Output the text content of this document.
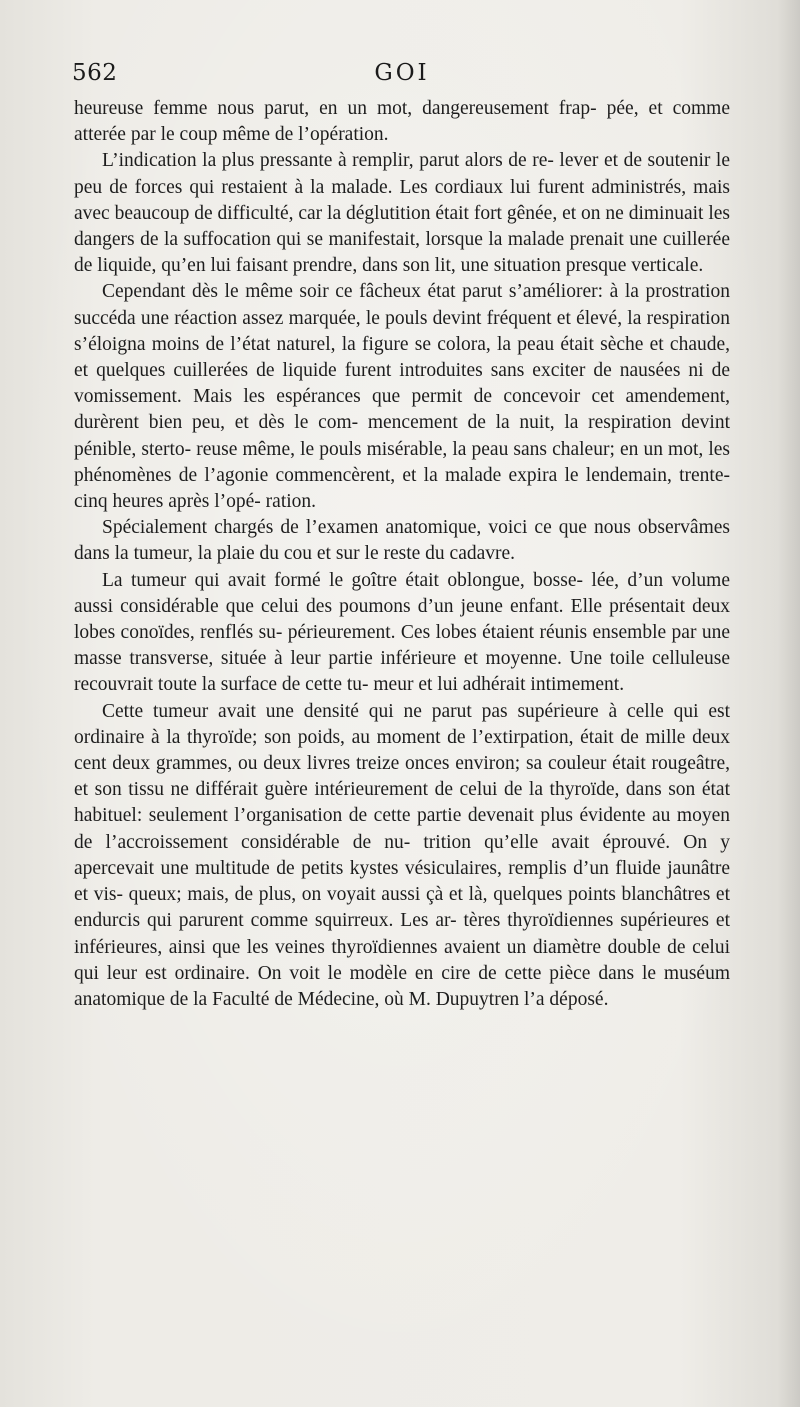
562	GOI

heureuse femme nous parut, en un mot, dangereusement frap- pée, et comme atterée par le coup même de l’opération.

L’indication la plus pressante à remplir, parut alors de re- lever et de soutenir le peu de forces qui restaient à la malade. Les cordiaux lui furent administrés, mais avec beaucoup de difficulté, car la déglutition était fort gênée, et on ne diminuait les dangers de la suffocation qui se manifestait, lorsque la malade prenait une cuillerée de liquide, qu’en lui faisant prendre, dans son lit, une situation presque verticale.

Cependant dès le même soir ce fâcheux état parut s’améliorer: à la prostration succéda une réaction assez marquée, le pouls devint fréquent et élevé, la respiration s’éloigna moins de l’état naturel, la figure se colora, la peau était sèche et chaude, et quelques cuillerées de liquide furent introduites sans exciter de nausées ni de vomissement. Mais les espérances que permit de concevoir cet amendement, durèrent bien peu, et dès le com- mencement de la nuit, la respiration devint pénible, sterto- reuse même, le pouls misérable, la peau sans chaleur; en un mot, les phénomènes de l’agonie commencèrent, et la malade expira le lendemain, trente-cinq heures après l’opé- ration.

Spécialement chargés de l’examen anatomique, voici ce que nous observâmes dans la tumeur, la plaie du cou et sur le reste du cadavre.

La tumeur qui avait formé le goître était oblongue, bosse- lée, d’un volume aussi considérable que celui des poumons d’un jeune enfant. Elle présentait deux lobes conoïdes, renflés su- périeurement. Ces lobes étaient réunis ensemble par une masse transverse, située à leur partie inférieure et moyenne. Une toile celluleuse recouvrait toute la surface de cette tu- meur et lui adhérait intimement.

Cette tumeur avait une densité qui ne parut pas supérieure à celle qui est ordinaire à la thyroïde; son poids, au moment de l’extirpation, était de mille deux cent deux grammes, ou deux livres treize onces environ; sa couleur était rougeâtre, et son tissu ne différait guère intérieurement de celui de la thyroïde, dans son état habituel: seulement l’organisation de cette partie devenait plus évidente au moyen de l’accroissement considérable de nu- trition qu’elle avait éprouvé. On y apercevait une multitude de petits kystes vésiculaires, remplis d’un fluide jaunâtre et vis- queux; mais, de plus, on voyait aussi çà et là, quelques points blanchâtres et endurcis qui parurent comme squirreux. Les ar- tères thyroïdiennes supérieures et inférieures, ainsi que les veines thyroïdiennes avaient un diamètre double de celui qui leur est ordinaire. On voit le modèle en cire de cette pièce dans le muséum anatomique de la Faculté de Médecine, où M. Dupuytren l’a déposé.
